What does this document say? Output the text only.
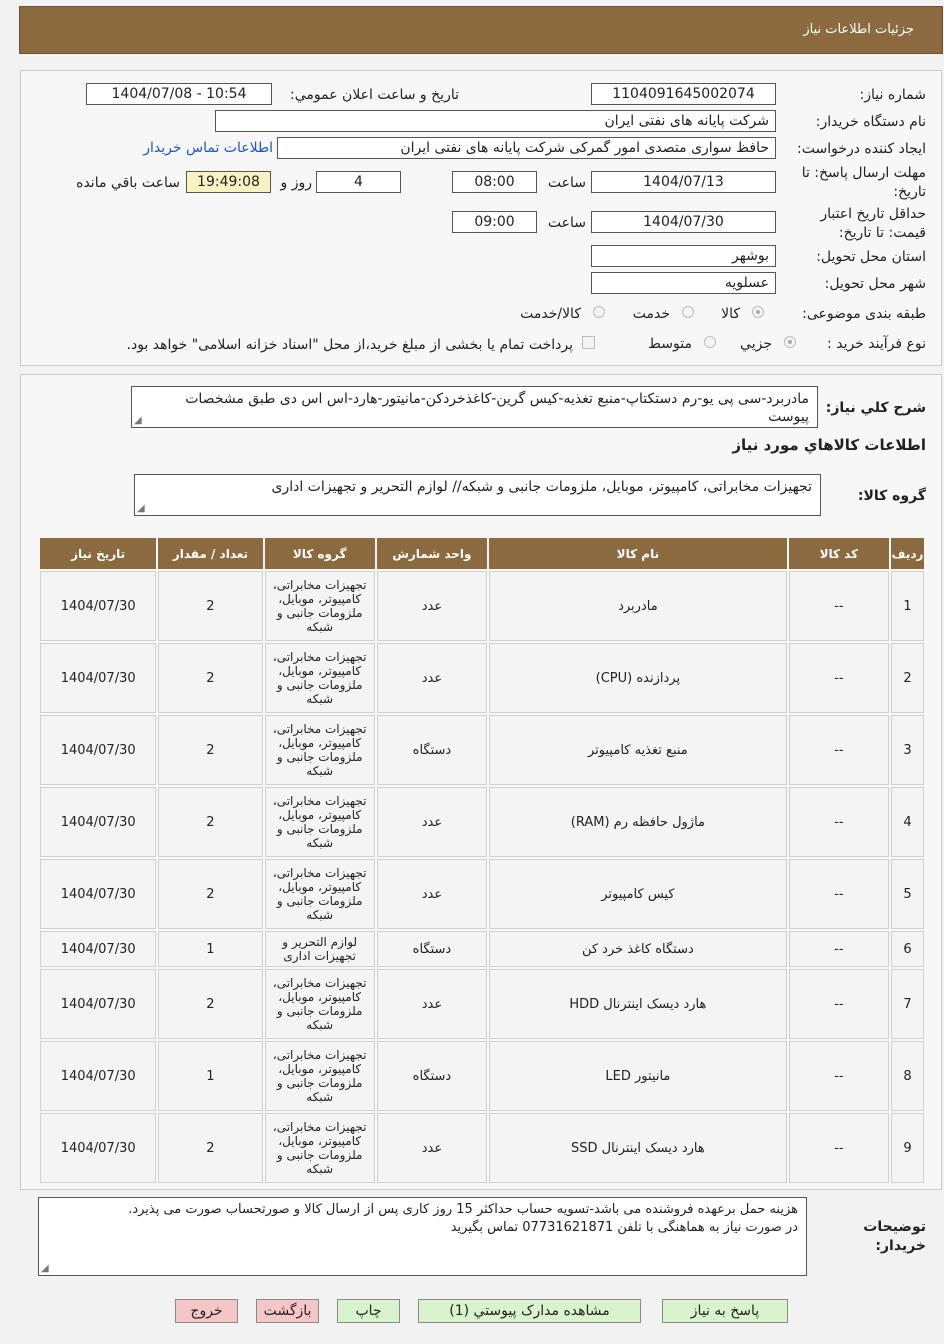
جزئیات اطلاعات نیاز
شماره نیاز:
1104091645002074
تاریخ و ساعت اعلان عمومي:
1404/07/08 - 10:54
نام دستگاه خریدار:
شرکت پایانه های نفتی ایران
ایجاد کننده درخواست:
حافظ سواری متصدی امور گمرکی شرکت پایانه های نفتی ایران
اطلاعات تماس خریدار
مهلت ارسال پاسخ: تا
تاریخ:
1404/07/13
ساعت
08:00
4
روز و
19:49:08
ساعت باقي مانده
حداقل تاریخ اعتبار
قیمت: تا تاریخ:
1404/07/30
ساعت
09:00
استان محل تحویل:
بوشهر
شهر محل تحویل:
عسلویه
طبقه بندی موضوعی:
کالا
خدمت
کالا/خدمت
نوع فرآیند خرید :
جزیي
متوسط
پرداخت تمام یا بخشی از مبلغ خرید،از محل "اسناد خزانه اسلامی" خواهد بود.
شرح کلي نیاز:
مادربرد-سی پی یو-رم دستکتاپ-منبع تغذیه-کیس گرین-کاغذخردکن-مانیتور-هارد-اس اس دی طبق مشخصات پیوست
◢
اطلاعات کالاهاي مورد نیاز
گروه کالا:
تجهیزات مخابراتی، کامپیوتر، موبایل، ملزومات جانبی و شبکه// لوازم التحریر و تجهیزات اداری
◢
ردیف	کد کالا	نام کالا	واحد شمارش	گروه کالا	تعداد / مقدار	تاریخ نیاز
1	--	مادربرد	عدد	تجهیزات مخابراتی، کامپیوتر، موبایل، ملزومات جانبی و شبکه	2	1404/07/30
2	--	پردازنده (CPU)	عدد	تجهیزات مخابراتی، کامپیوتر، موبایل، ملزومات جانبی و شبکه	2	1404/07/30
3	--	منبع تغذیه کامپیوتر	دستگاه	تجهیزات مخابراتی، کامپیوتر، موبایل، ملزومات جانبی و شبکه	2	1404/07/30
4	--	ماژول حافظه رم (RAM)	عدد	تجهیزات مخابراتی، کامپیوتر، موبایل، ملزومات جانبی و شبکه	2	1404/07/30
5	--	کیس کامپیوتر	عدد	تجهیزات مخابراتی، کامپیوتر، موبایل، ملزومات جانبی و شبکه	2	1404/07/30
6	--	دستگاه کاغذ خرد کن	دستگاه	لوازم التحریر و تجهیزات اداری	1	1404/07/30
7	--	هارد دیسک اینترنال HDD	عدد	تجهیزات مخابراتی، کامپیوتر، موبایل، ملزومات جانبی و شبکه	2	1404/07/30
8	--	مانیتور LED	دستگاه	تجهیزات مخابراتی، کامپیوتر، موبایل، ملزومات جانبی و شبکه	1	1404/07/30
9	--	هارد دیسک اینترنال SSD	عدد	تجهیزات مخابراتی، کامپیوتر، موبایل، ملزومات جانبی و شبکه	2	1404/07/30
توضیحات
خریدار:
هزینه حمل برعهده فروشنده می باشد-تسویه حساب حداکثر 15 روز کاری پس از ارسال کالا و صورتحساب صورت می پذیرد.
در صورت نیاز به هماهنگی با تلفن 07731621871 تماس بگیرید
◢
پاسخ به نیاز
مشاهده مدارک پیوستي (1)
چاپ
بازگشت
خروج
